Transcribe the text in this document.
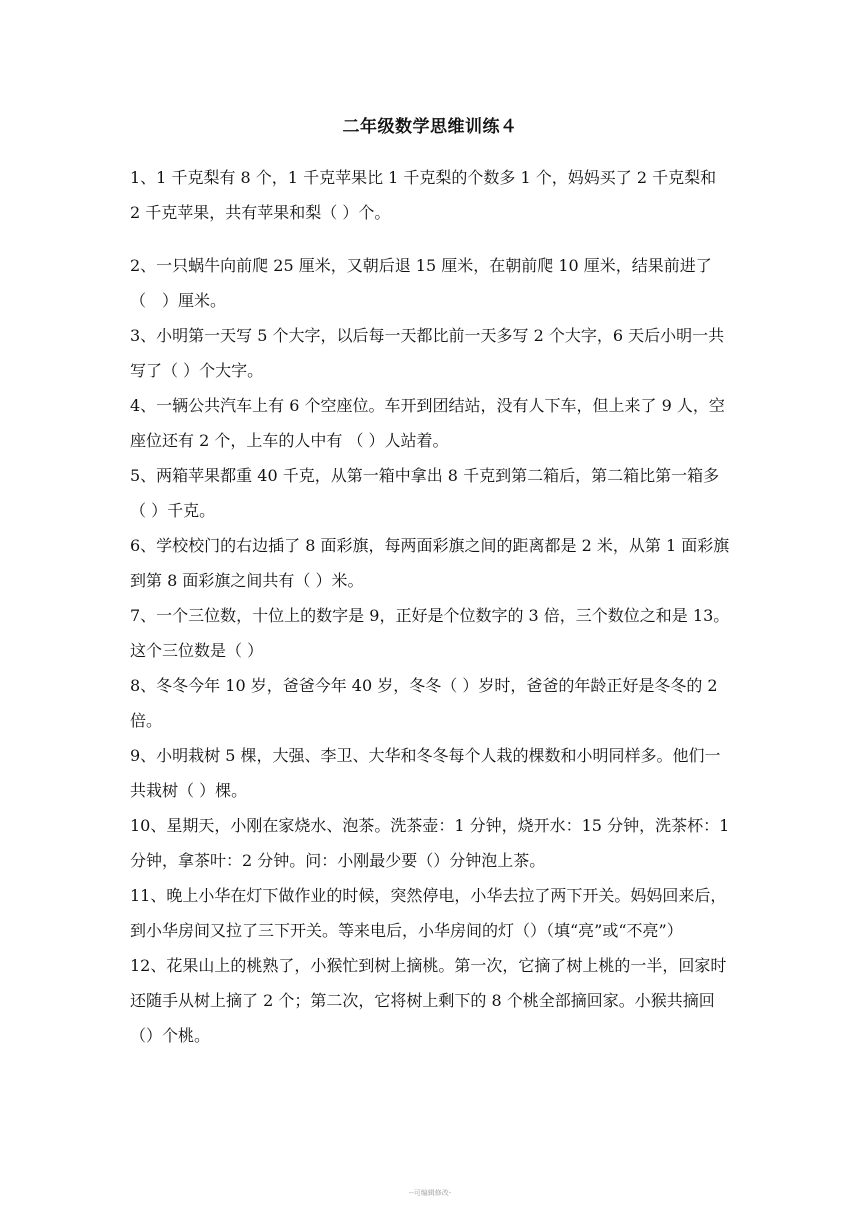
二年级数学思维训练４

1、1 千克梨有 8 个，1 千克苹果比 1 千克梨的个数多 1 个，妈妈买了 2 千克梨和 2 千克苹果，共有苹果和梨（ ）个。

2、一只蜗牛向前爬 25 厘米，又朝后退 15 厘米，在朝前爬 10 厘米，结果前进了（　）厘米。

3、小明第一天写 5 个大字，以后每一天都比前一天多写 2 个大字，6 天后小明一共写了（ ）个大字。

4、一辆公共汽车上有 6 个空座位。车开到团结站，没有人下车，但上来了 9 人，空座位还有 2 个，上车的人中有 （ ）人站着。

5、两箱苹果都重 40 千克，从第一箱中拿出 8 千克到第二箱后，第二箱比第一箱多（ ）千克。

6、学校校门的右边插了 8 面彩旗，每两面彩旗之间的距离都是 2 米，从第 1 面彩旗到第 8 面彩旗之间共有（ ）米。

7、一个三位数，十位上的数字是 9，正好是个位数字的 3 倍，三个数位之和是 13。这个三位数是（ ）

8、冬冬今年 10 岁，爸爸今年 40 岁，冬冬（ ）岁时，爸爸的年龄正好是冬冬的 2 倍。

9、小明栽树 5 棵，大强、李卫、大华和冬冬每个人栽的棵数和小明同样多。他们一共栽树（ ）棵。

10、星期天，小刚在家烧水、泡茶。洗茶壶：1 分钟，烧开水：15 分钟，洗茶杯：1 分钟，拿茶叶：2 分钟。问：小刚最少要（）分钟泡上茶。

11、晚上小华在灯下做作业的时候，突然停电，小华去拉了两下开关。妈妈回来后，到小华房间又拉了三下开关。等来电后，小华房间的灯（）（填“亮”或“不亮”）

12、花果山上的桃熟了，小猴忙到树上摘桃。第一次，它摘了树上桃的一半，回家时还随手从树上摘了 2 个；第二次，它将树上剩下的 8 个桃全部摘回家。小猴共摘回（）个桃。

--可编辑修改-
